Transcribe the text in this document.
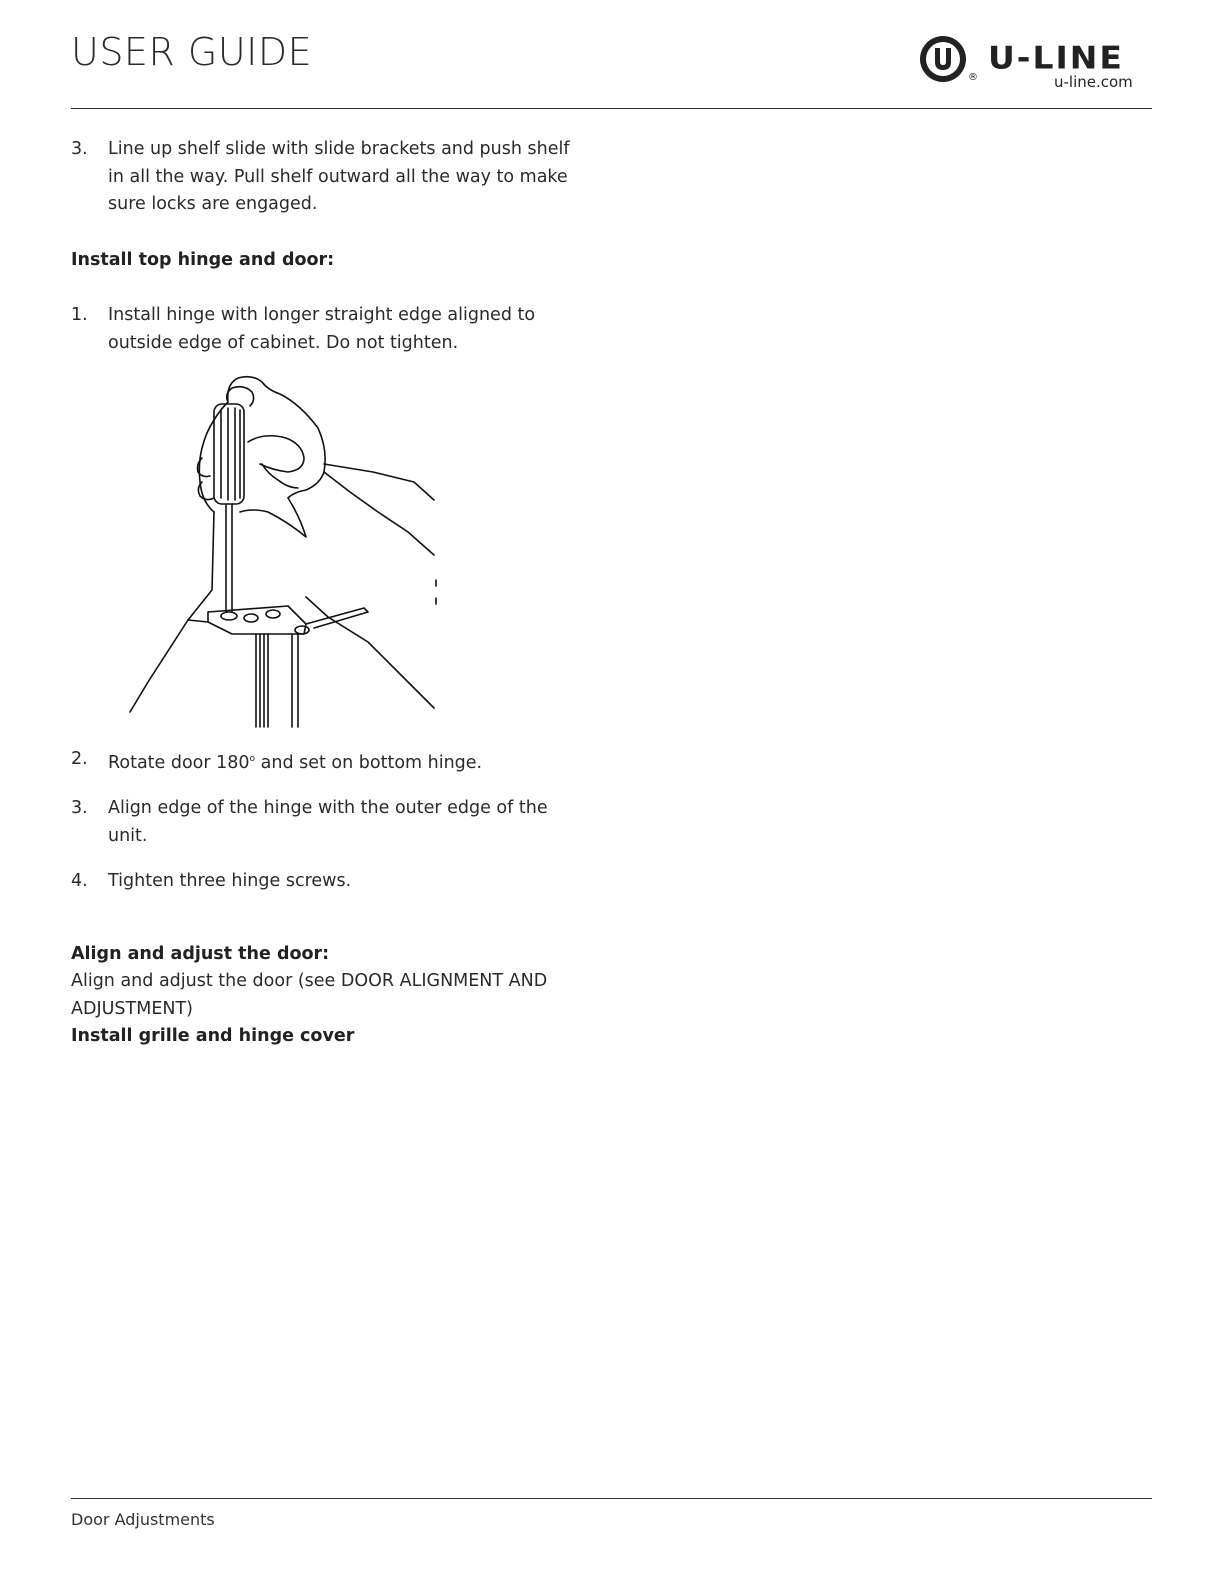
USER GUIDE
®
U-LINE
u-line.com
3. Line up shelf slide with slide brackets and push shelf in all the way. Pull shelf outward all the way to make sure locks are engaged.

Install top hinge and door:
1. Install hinge with longer straight edge aligned to outside edge of cabinet. Do not tighten.

2. Rotate door 180$^o$ and set on bottom hinge.

3. Align edge of the hinge with the outer edge of the unit.

4. Tighten three hinge screws.

Align and adjust the door:

Align and adjust the door (see DOOR ALIGNMENT AND ADJUSTMENT)

Install grille and hinge cover
Door Adjustments
